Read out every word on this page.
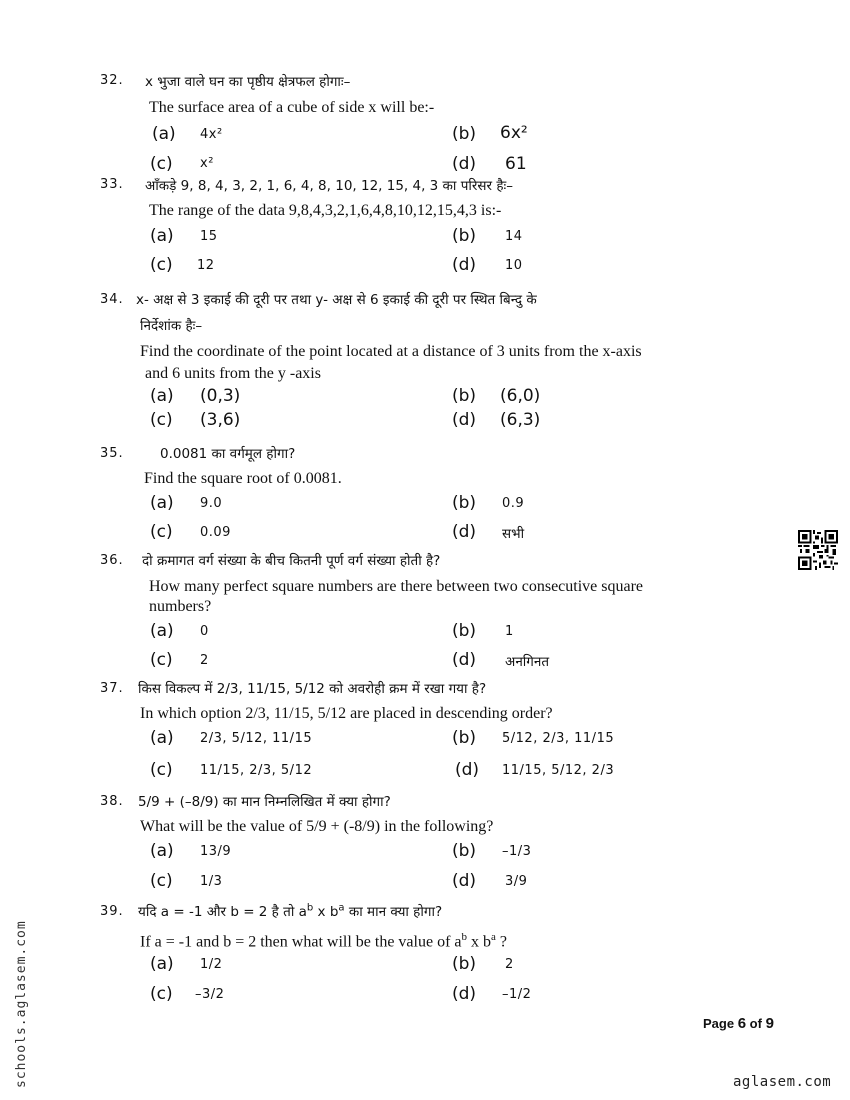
32. x भुजा वाले घन का पृष्ठीय क्षेत्रफल होगाः–
The surface area of a cube of side x will be:-
(a) 4x²	(b) 6x²
(c) x²	(d) 61
33. आँकड़े 9, 8, 4, 3, 2, 1, 6, 4, 8, 10, 12, 15, 4, 3 का परिसर हैः–
The range of the data 9,8,4,3,2,1,6,4,8,10,12,15,4,3 is:-
(a) 15	(b) 14
(c) 12	(d) 10
34. x- अक्ष से 3 इकाई की दूरी पर तथा y- अक्ष से 6 इकाई की दूरी पर स्थित बिन्दु के
निर्देशांक हैः–
Find the coordinate of the point located at a distance of 3 units from the x-axis
and 6 units from the y -axis
(a) (0,3)	(b) (6,0)
(c) (3,6)	(d) (6,3)
35.	0.0081 का वर्गमूल होगा?
Find the square root of 0.0081.
(a) 9.0	(b) 0.9
(c) 0.09	(d) सभी
36. दो क्रमागत वर्ग संख्या के बीच कितनी पूर्ण वर्ग संख्या होती है?
How many perfect square numbers are there between two consecutive square
numbers?
(a) 0	(b) 1
(c) 2	(d) अनगिनत
37. किस विकल्प में 2/3, 11/15, 5/12 को अवरोही क्रम में रखा गया है?
In which option 2/3, 11/15, 5/12 are placed in descending order?
(a) 2/3, 5/12, 11/15	(b) 5/12, 2/3, 11/15
(c) 11/15, 2/3, 5/12	(d) 11/15, 5/12, 2/3
38. 5/9 + (–8/9) का मान निम्नलिखित में क्या होगा?
What will be the value of 5/9 + (-8/9) in the following?
(a) 13/9	(b) –1/3
(c) 1/3	(d) 3/9
39. यदि a = -1 और b = 2 है तो $a^b$ x $b^a$ का मान क्या होगा?
If a = -1 and b = 2 then what will be the value of $a^b$ x $b^a$ ?
(a) 1/2	(b) 2
(c) –3/2	(d) –1/2
Page 6 of 9
aglasem.com
schools.aglasem.com
